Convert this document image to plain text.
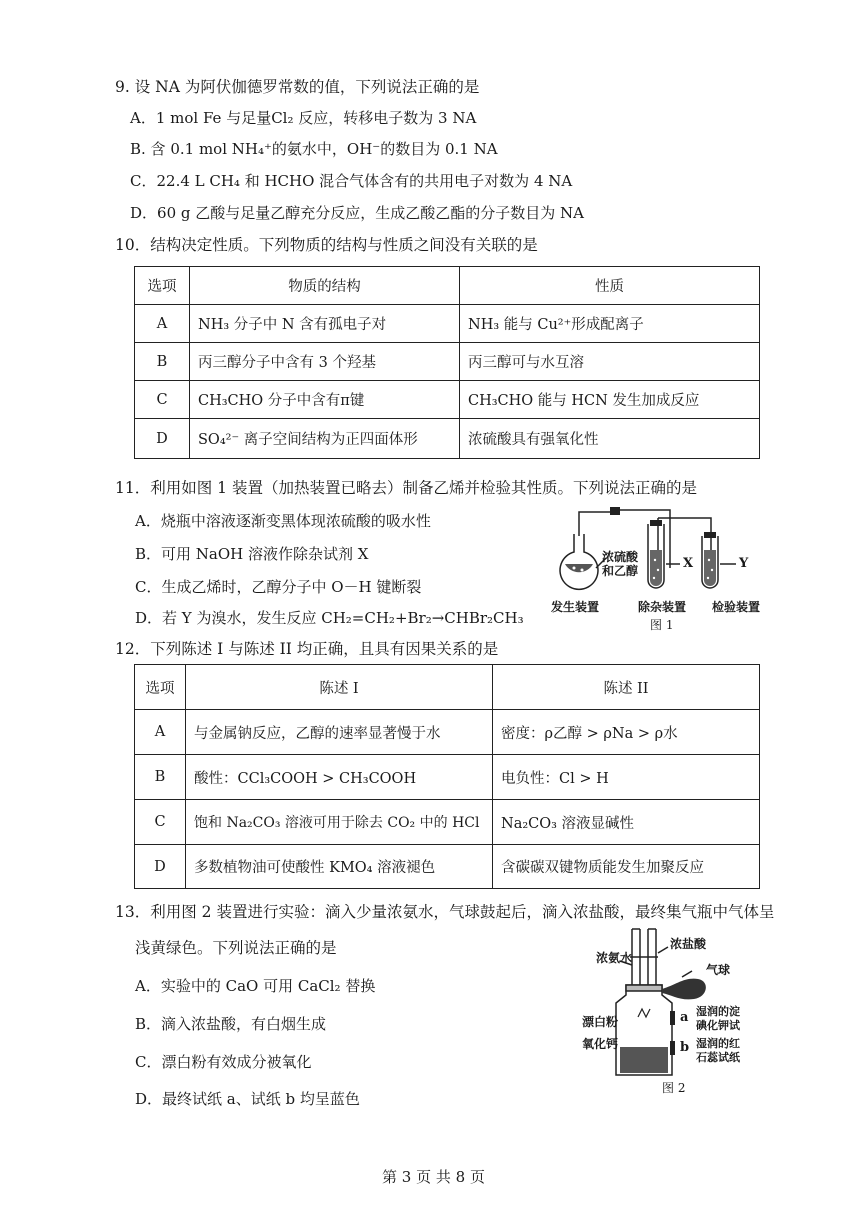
9. 设 NA 为阿伏伽德罗常数的值，下列说法正确的是
A．1 mol Fe 与足量Cl₂ 反应，转移电子数为 3 NA
B. 含 0.1 mol NH₄⁺的氨水中，OH⁻的数目为 0.1 NA
C．22.4 L CH₄ 和 HCHO 混合气体含有的共用电子对数为 4 NA
D．60 g 乙酸与足量乙醇充分反应，生成乙酸乙酯的分子数目为 NA
10．结构决定性质。下列物质的结构与性质之间没有关联的是
选项	物质的结构	性质
A	NH₃ 分子中 N 含有孤电子对	NH₃ 能与 Cu²⁺形成配离子
B	丙三醇分子中含有 3 个羟基	丙三醇可与水互溶
C	CH₃CHO 分子中含有π键	CH₃CHO 能与 HCN 发生加成反应
D	SO₄²⁻ 离子空间结构为正四面体形	浓硫酸具有强氧化性
11．利用如图 1 装置（加热装置已略去）制备乙烯并检验其性质。下列说法正确的是
A．烧瓶中溶液逐渐变黑体现浓硫酸的吸水性
B．可用 NaOH 溶液作除杂试剂 X
C．生成乙烯时，乙醇分子中 O－H 键断裂
D．若 Y 为溴水，发生反应 CH₂=CH₂+Br₂→CHBr₂CH₃
浓硫酸
和乙醇	X	Y
发生装置	除杂装置 检验装置
图 1
12．下列陈述 I 与陈述 II 均正确，且具有因果关系的是
选项	陈述 I	陈述 II
A	与金属钠反应，乙醇的速率显著慢于水	密度：ρ乙醇 > ρNa > ρ水
B	酸性：CCl₃COOH > CH₃COOH	电负性：Cl > H
C	饱和 Na₂CO₃ 溶液可用于除去 CO₂ 中的 HCl	Na₂CO₃ 溶液显碱性
D	多数植物油可使酸性 KMO₄ 溶液褪色	含碳碳双键物质能发生加聚反应
13．利用图 2 装置进行实验：滴入少量浓氨水，气球鼓起后，滴入浓盐酸，最终集气瓶中气体呈
浅黄绿色。下列说法正确的是
A．实验中的 CaO 可用 CaCl₂ 替换
B．滴入浓盐酸，有白烟生成
C．漂白粉有效成分被氧化
D．最终试纸 a、试纸 b 均呈蓝色
浓氨水
浓盐酸
气球
漂白粉
氧化钙
a
b
湿润的淀
碘化钾试
湿润的红
石蕊试纸
图 2
第 3 页 共 8 页
